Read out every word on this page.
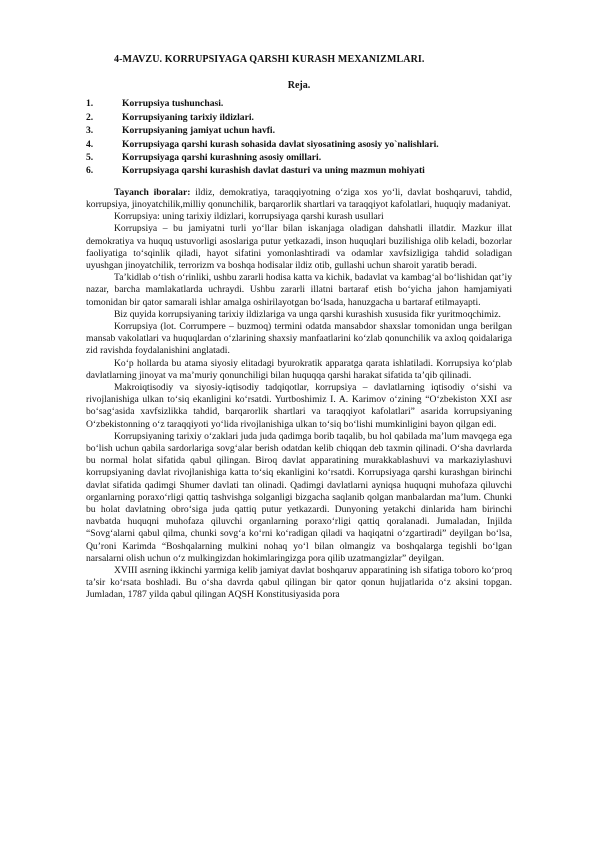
4-MAVZU. KORRUPSIYAGA QARSHI KURASH MEXANIZMLARI.
Reja.
1.	Korrupsiya tushunchasi.
2.	Korrupsiyaning tarixiy ildizlari.
3.	Korrupsiyaning jamiyat uchun havfi.
4.	Korrupsiyaga qarshi kurash sohasida davlat siyosatining asosiy yo`nalishlari.
5.	Korrupsiyaga qarshi kurashning asosiy omillari.
6.	Korrupsiyaga qarshi kurashish davlat dasturi va uning mazmun mohiyati

Tayanch iboralar: ildiz, demokratiya, taraqqiyotning o‘ziga xos yo‘li, davlat boshqaruvi, tahdid, korrupsiya, jinoyatchilik,milliy qonunchilik, barqarorlik shartlari va taraqqiyot kafolatlari, huquqiy madaniyat.

Korrupsiya: uning tarixiy ildizlari, korrupsiyaga qarshi kurash usullari

Korrupsiya – bu jamiyatni turli yo‘llar bilan iskanjaga oladigan dahshatli illatdir. Mazkur illat demokratiya va huquq ustuvorligi asoslariga putur yetkazadi, inson huquqlari buzilishiga olib keladi, bozorlar faoliyatiga to‘sqinlik qiladi, hayot sifatini yomonlashtiradi va odamlar xavfsizligiga tahdid soladigan uyushgan jinoyatchilik, terrorizm va boshqa hodisalar ildiz otib, gullashi uchun sharoit yaratib beradi.

Ta’kidlab o‘tish o‘rinliki, ushbu zararli hodisa katta va kichik, badavlat va kambag‘al bo‘lishidan qat’iy nazar, barcha mamlakatlarda uchraydi. Ushbu zararli illatni bartaraf etish bo‘yicha jahon hamjamiyati tomonidan bir qator samarali ishlar amalga oshirilayotgan bo‘lsada, hanuzgacha u bartaraf etilmayapti.

Biz quyida korrupsiyaning tarixiy ildizlariga va unga qarshi kurashish xususida fikr yuritmoqchimiz.

Korrupsiya (lot. Corrumpere – buzmoq) termini odatda mansabdor shaxslar tomonidan unga berilgan mansab vakolatlari va huquqlardan o‘zlarining shaxsiy manfaatlarini ko‘zlab qonunchilik va axloq qoidalariga zid ravishda foydalanishini anglatadi.

Ko‘p hollarda bu atama siyosiy elitadagi byurokratik apparatga qarata ishlatiladi. Korrupsiya ko‘plab davlatlarning jinoyat va ma’muriy qonunchiligi bilan huquqqa qarshi harakat sifatida ta’qib qilinadi.

Makroiqtisodiy va siyosiy-iqtisodiy tadqiqotlar, korrupsiya – davlatlarning iqtisodiy o‘sishi va rivojlanishiga ulkan to‘siq ekanligini ko‘rsatdi. Yurtboshimiz I. A. Karimov o‘zining “O‘zbekiston XXI asr bo‘sag‘asida xavfsizlikka tahdid, barqarorlik shartlari va taraqqiyot kafolatlari” asarida korrupsiyaning O‘zbekistonning o‘z taraqqiyoti yo‘lida rivojlanishiga ulkan to‘siq bo‘lishi mumkinligini bayon qilgan edi.

Korrupsiyaning tarixiy o‘zaklari juda juda qadimga borib taqalib, bu hol qabilada ma’lum mavqega ega bo‘lish uchun qabila sardorlariga sovg‘alar berish odatdan kelib chiqqan deb taxmin qilinadi. O‘sha davrlarda bu normal holat sifatida qabul qilingan. Biroq davlat apparatining murakkablashuvi va markaziylashuvi korrupsiyaning davlat rivojlanishiga katta to‘siq ekanligini ko‘rsatdi. Korrupsiyaga qarshi kurashgan birinchi davlat sifatida qadimgi Shumer davlati tan olinadi. Qadimgi davlatlarni ayniqsa huquqni muhofaza qiluvchi organlarning poraxo‘rligi qattiq tashvishga solganligi bizgacha saqlanib qolgan manbalardan ma’lum. Chunki bu holat davlatning obro‘siga juda qattiq putur yetkazardi. Dunyoning yetakchi dinlarida ham birinchi navbatda huquqni muhofaza qiluvchi organlarning poraxo‘rligi qattiq qoralanadi. Jumaladan, Injilda “Sovg‘alarni qabul qilma, chunki sovg‘a ko‘rni ko‘radigan qiladi va haqiqatni o‘zgartiradi” deyilgan bo‘lsa, Qu’roni Karimda “Boshqalarning mulkini nohaq yo‘l bilan olmangiz va boshqalarga tegishli bo‘lgan narsalarni olish uchun o‘z mulkingizdan hokimlaringizga pora qilib uzatmangizlar” deyilgan.

XVIII asrning ikkinchi yarmiga kelib jamiyat davlat boshqaruv apparatining ish sifatiga toboro ko‘proq ta’sir ko‘rsata boshladi. Bu o‘sha davrda qabul qilingan bir qator qonun hujjatlarida o‘z aksini topgan. Jumladan, 1787 yilda qabul qilingan AQSH Konstitusiyasida pora
